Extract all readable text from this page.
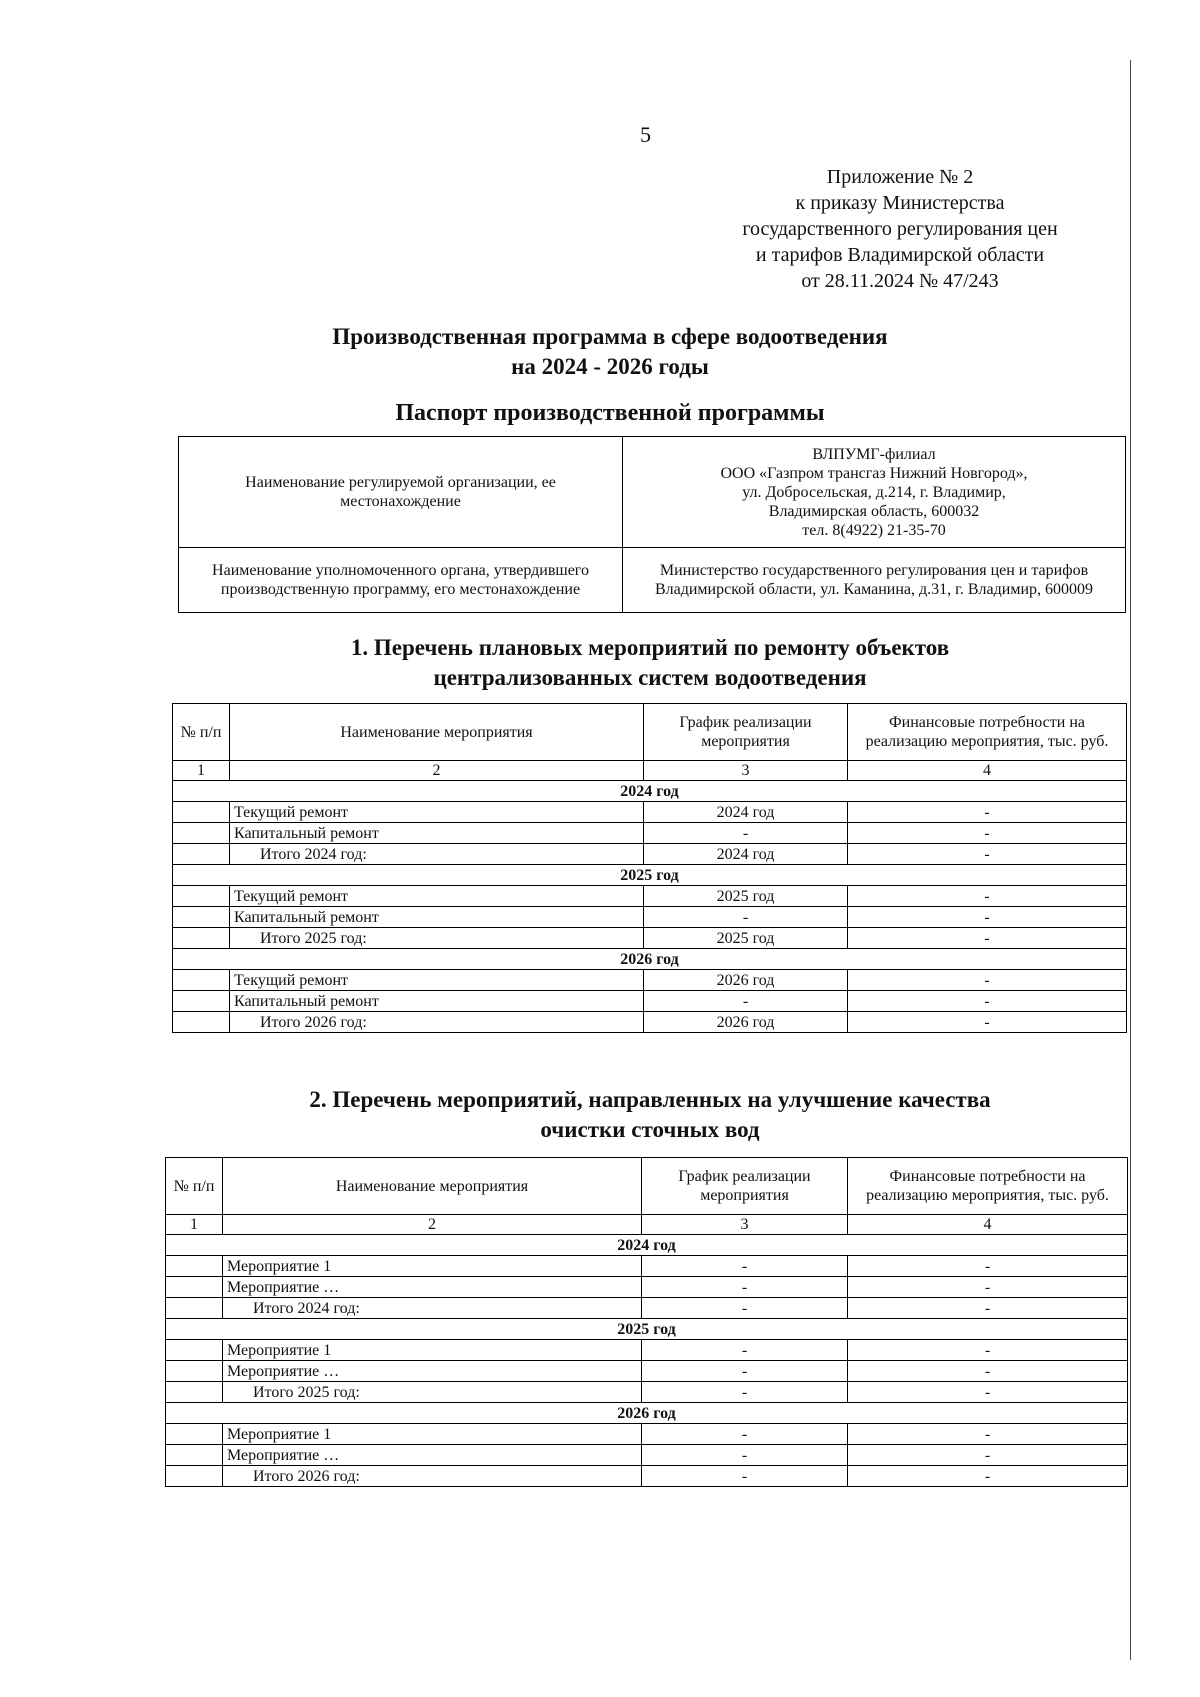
5
Приложение № 2
к приказу Министерства
государственного регулирования цен
и тарифов Владимирской области
от 28.11.2024 № 47/243
Производственная программа в сфере водоотведения
на 2024 - 2026 годы
Паспорт производственной программы
Наименование регулируемой организации, ее местонахождение	ВЛПУМГ-филиал
ООО «Газпром трансгаз Нижний Новгород»,
ул. Добросельская, д.214, г. Владимир,
Владимирская область, 600032
тел. 8(4922) 21-35-70

Наименование уполномоченного органа, утвердившего производственную программу, его местонахождение	Министерство государственного регулирования цен и тарифов Владимирской области, ул. Каманина, д.31, г. Владимир, 600009
1. Перечень плановых мероприятий по ремонту объектов
централизованных систем водоотведения
№ п/п	Наименование мероприятия	График реализации мероприятия	Финансовые потребности на реализацию мероприятия, тыс. руб.
1	2	3	4
2024 год			
	Текущий ремонт	2024 год	-
	Капитальный ремонт	-	-
	Итого 2024 год:	2024 год	-
2025 год			
	Текущий ремонт	2025 год	-
	Капитальный ремонт	-	-
	Итого 2025 год:	2025 год	-
2026 год			
	Текущий ремонт	2026 год	-
	Капитальный ремонт	-	-
	Итого 2026 год:	2026 год	-
2. Перечень мероприятий, направленных на улучшение качества
очистки сточных вод
№ п/п	Наименование мероприятия	График реализации мероприятия	Финансовые потребности на реализацию мероприятия, тыс. руб.
1	2	3	4
2024 год			
	Мероприятие 1	-	-
	Мероприятие …	-	-
	Итого 2024 год:	-	-
2025 год			
	Мероприятие 1	-	-
	Мероприятие …	-	-
	Итого 2025 год:	-	-
2026 год			
	Мероприятие 1	-	-
	Мероприятие …	-	-
	Итого 2026 год:	-	-
